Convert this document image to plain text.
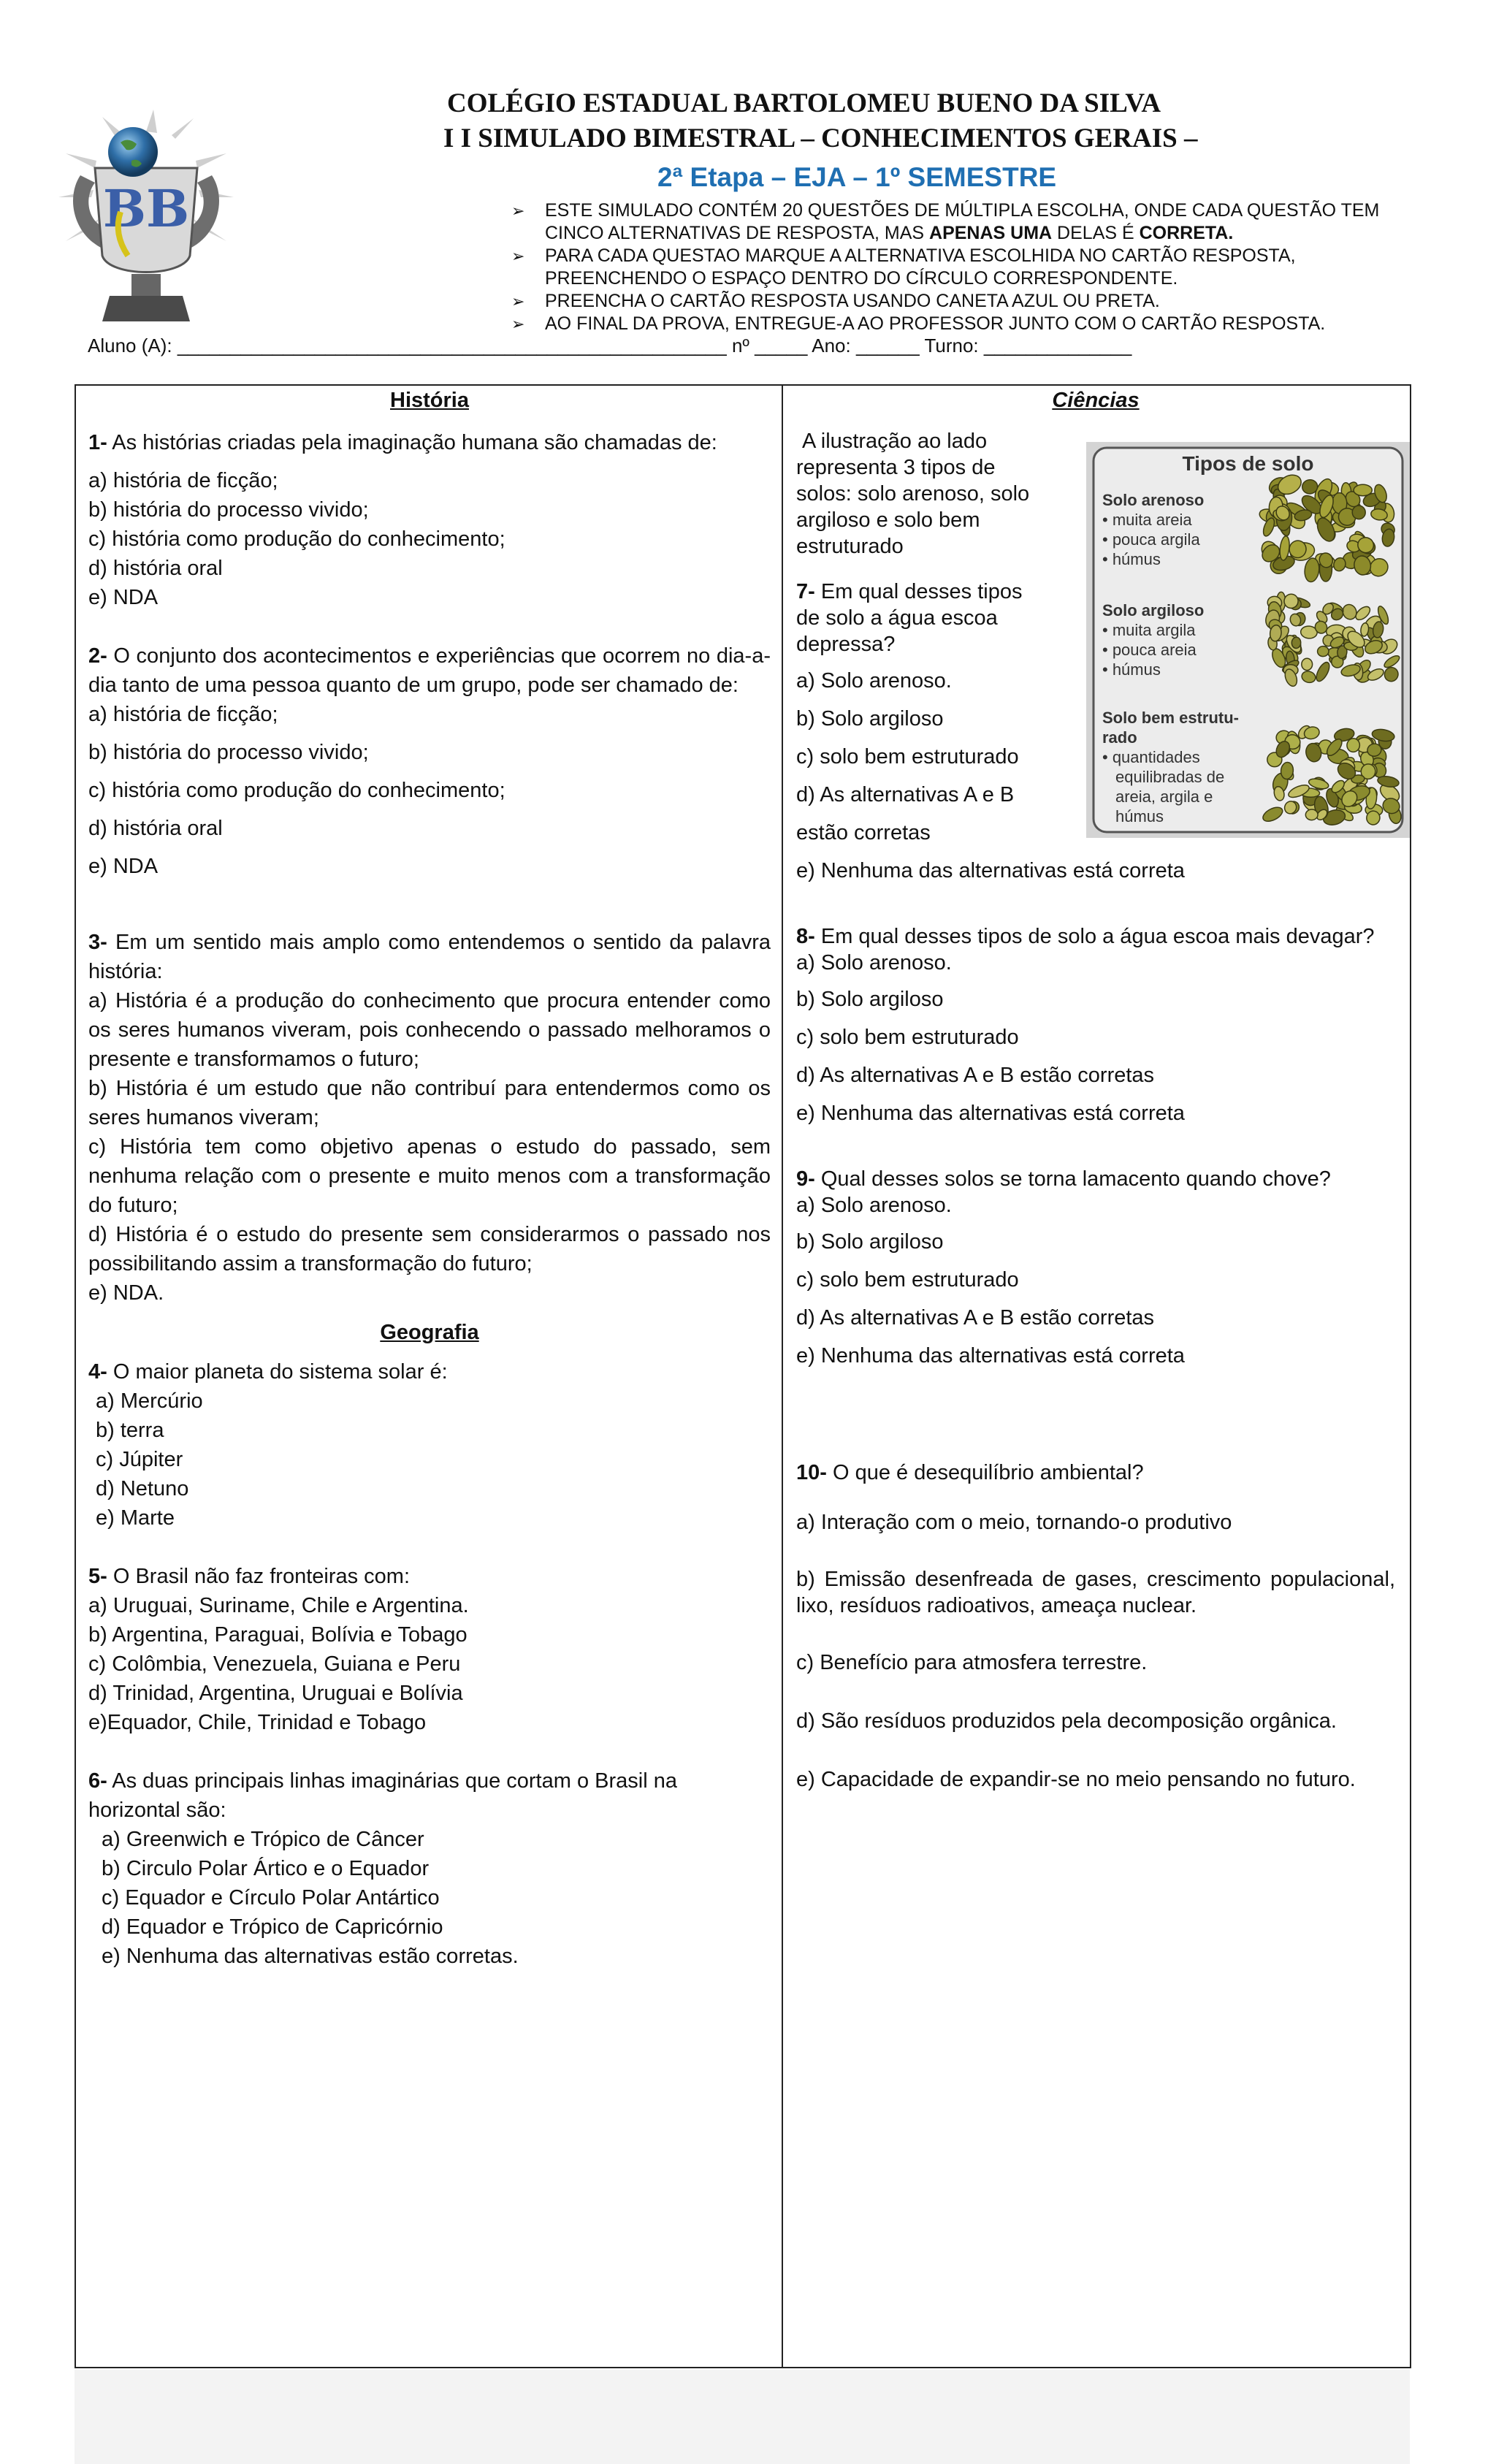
BB
COLÉGIO ESTADUAL BARTOLOMEU BUENO DA SILVA
I I SIMULADO BIMESTRAL – CONHECIMENTOS GERAIS –
2ª Etapa – EJA – 1º SEMESTRE
➢	ESTE SIMULADO CONTÉM 20 QUESTÕES DE MÚLTIPLA ESCOLHA, ONDE CADA QUESTÃO TEM CINCO ALTERNATIVAS DE RESPOSTA, MAS APENAS UMA DELAS É CORRETA.
➢	PARA CADA QUESTAO MARQUE A ALTERNATIVA ESCOLHIDA NO CARTÃO RESPOSTA, PREENCHENDO O ESPAÇO DENTRO DO CÍRCULO CORRESPONDENTE.
➢	PREENCHA O CARTÃO RESPOSTA USANDO CANETA AZUL OU PRETA.
➢	AO FINAL DA PROVA, ENTREGUE-A AO PROFESSOR JUNTO COM O CARTÃO RESPOSTA.
Aluno (A): ____________________________________________________ nº _____ Ano: ______ Turno: ______________

História

1- As histórias criadas pela imaginação humana são chamadas de:

a) história de ficção;

b) história do processo vivido;

c) história como produção do conhecimento;

d) história oral

e) NDA

2- O conjunto dos acontecimentos e experiências que ocorrem no dia-a-dia tanto de uma pessoa quanto de um grupo, pode ser chamado de:

a) história de ficção;

b) história do processo vivido;

c) história como produção do conhecimento;

d) história oral

e) NDA

3- Em um sentido mais amplo como entendemos o sentido da palavra história:

a) História é a produção do conhecimento que procura entender como os seres humanos viveram, pois conhecendo o passado melhoramos o presente e transformamos o futuro;

b) História é um estudo que não contribuí para entendermos como os seres humanos viveram;

c) História tem como objetivo apenas o estudo do passado, sem nenhuma relação com o presente e muito menos com a transformação do futuro;

d) História é o estudo do presente sem considerarmos o passado nos possibilitando assim a transformação do futuro;

e) NDA.

Geografia

4- O maior planeta do sistema solar é:

a) Mercúrio

b) terra

c) Júpiter

d) Netuno

e) Marte

5- O Brasil não faz fronteiras com:

a) Uruguai, Suriname, Chile e Argentina.

b) Argentina, Paraguai, Bolívia e Tobago

c) Colômbia, Venezuela, Guiana e Peru

d) Trinidad, Argentina, Uruguai e Bolívia

e)Equador, Chile, Trinidad e Tobago

6- As duas principais linhas imaginárias que cortam o Brasil na horizontal são:

a) Greenwich e Trópico de Câncer

b) Circulo Polar Ártico e o Equador

c) Equador e Círculo Polar Antártico

d) Equador e Trópico de Capricórnio

e) Nenhuma das alternativas estão corretas.

Ciências

A ilustração ao lado representa 3 tipos de solos: solo arenoso, solo argiloso e solo bem estruturado

7- Em qual desses tipos de solo a água escoa depressa?

a) Solo arenoso.

b) Solo argiloso

c) solo bem estruturado

d) As alternativas A e B

estão corretas

e) Nenhuma das alternativas está correta

8- Em qual desses tipos de solo a água escoa mais devagar?

a) Solo arenoso.

b) Solo argiloso

c) solo bem estruturado

d) As alternativas A e B estão corretas

e) Nenhuma das alternativas está correta

9- Qual desses solos se torna lamacento quando chove?

a) Solo arenoso.

b) Solo argiloso

c) solo bem estruturado

d) As alternativas A e B estão corretas

e) Nenhuma das alternativas está correta

10- O que é desequilíbrio ambiental?

a) Interação com o meio, tornando-o produtivo

b) Emissão desenfreada de gases, crescimento populacional, lixo, resíduos radioativos, ameaça nuclear.

c) Benefício para atmosfera terrestre.

d) São resíduos produzidos pela decomposição orgânica.

e) Capacidade de expandir-se no meio pensando no futuro.

Tipos de solo
Solo arenoso
• muita areia
• pouca argila
• húmus
Solo argiloso
• muita argila
• pouca areia
• húmus
Solo bem estrutu-
rado
• quantidades
equilibradas de
areia, argila e
húmus
